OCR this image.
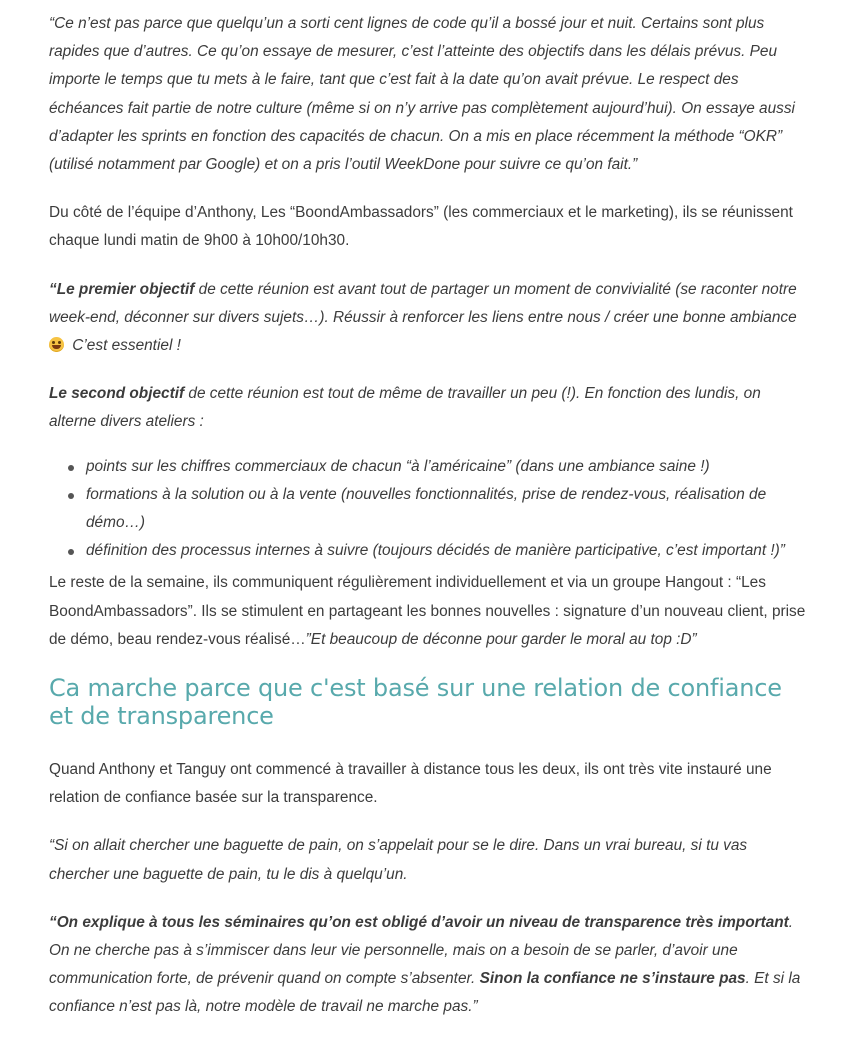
“Ce n’est pas parce que quelqu’un a sorti cent lignes de code qu’il a bossé jour et nuit. Certains sont plus rapides que d’autres. Ce qu’on essaye de mesurer, c’est l’atteinte des objectifs dans les délais prévus. Peu importe le temps que tu mets à le faire, tant que c’est fait à la date qu’on avait prévue. Le respect des échéances fait partie de notre culture (même si on n’y arrive pas complètement aujourd’hui). On essaye aussi d’adapter les sprints en fonction des capacités de chacun. On a mis en place récemment la méthode “OKR” (utilisé notamment par Google) et on a pris l’outil WeekDone pour suivre ce qu’on fait.”

Du côté de l’équipe d’Anthony, Les “BoondAmbassadors” (les commerciaux et le marketing), ils se réunissent chaque lundi matin de 9h00 à 10h00/10h30.

“Le premier objectif de cette réunion est avant tout de partager un moment de convivialité (se raconter notre week-end, déconner sur divers sujets…). Réussir à renforcer les liens entre nous / créer une bonne ambiance  C’est essentiel !

Le second objectif de cette réunion est tout de même de travailler un peu (!). En fonction des lundis, on alterne divers ateliers :

points sur les chiffres commerciaux de chacun “à l’américaine” (dans une ambiance saine !)
formations à la solution ou à la vente (nouvelles fonctionnalités, prise de rendez-vous, réalisation de démo…)
définition des processus internes à suivre (toujours décidés de manière participative, c’est important !)”

Le reste de la semaine, ils communiquent régulièrement individuellement et via un groupe Hangout : “Les BoondAmbassadors”. Ils se stimulent en partageant les bonnes nouvelles : signature d’un nouveau client, prise de démo, beau rendez-vous réalisé…”Et beaucoup de déconne pour garder le moral au top :D”

Ca marche parce que c'est basé sur une relation de confiance et de transparence

Quand Anthony et Tanguy ont commencé à travailler à distance tous les deux, ils ont très vite instauré une relation de confiance basée sur la transparence.

“Si on allait chercher une baguette de pain, on s’appelait pour se le dire. Dans un vrai bureau, si tu vas chercher une baguette de pain, tu le dis à quelqu’un.

“On explique à tous les séminaires qu’on est obligé d’avoir un niveau de transparence très important. On ne cherche pas à s’immiscer dans leur vie personnelle, mais on a besoin de se parler, d’avoir une communication forte, de prévenir quand on compte s’absenter. Sinon la confiance ne s’instaure pas. Et si la confiance n’est pas là, notre modèle de travail ne marche pas.”
